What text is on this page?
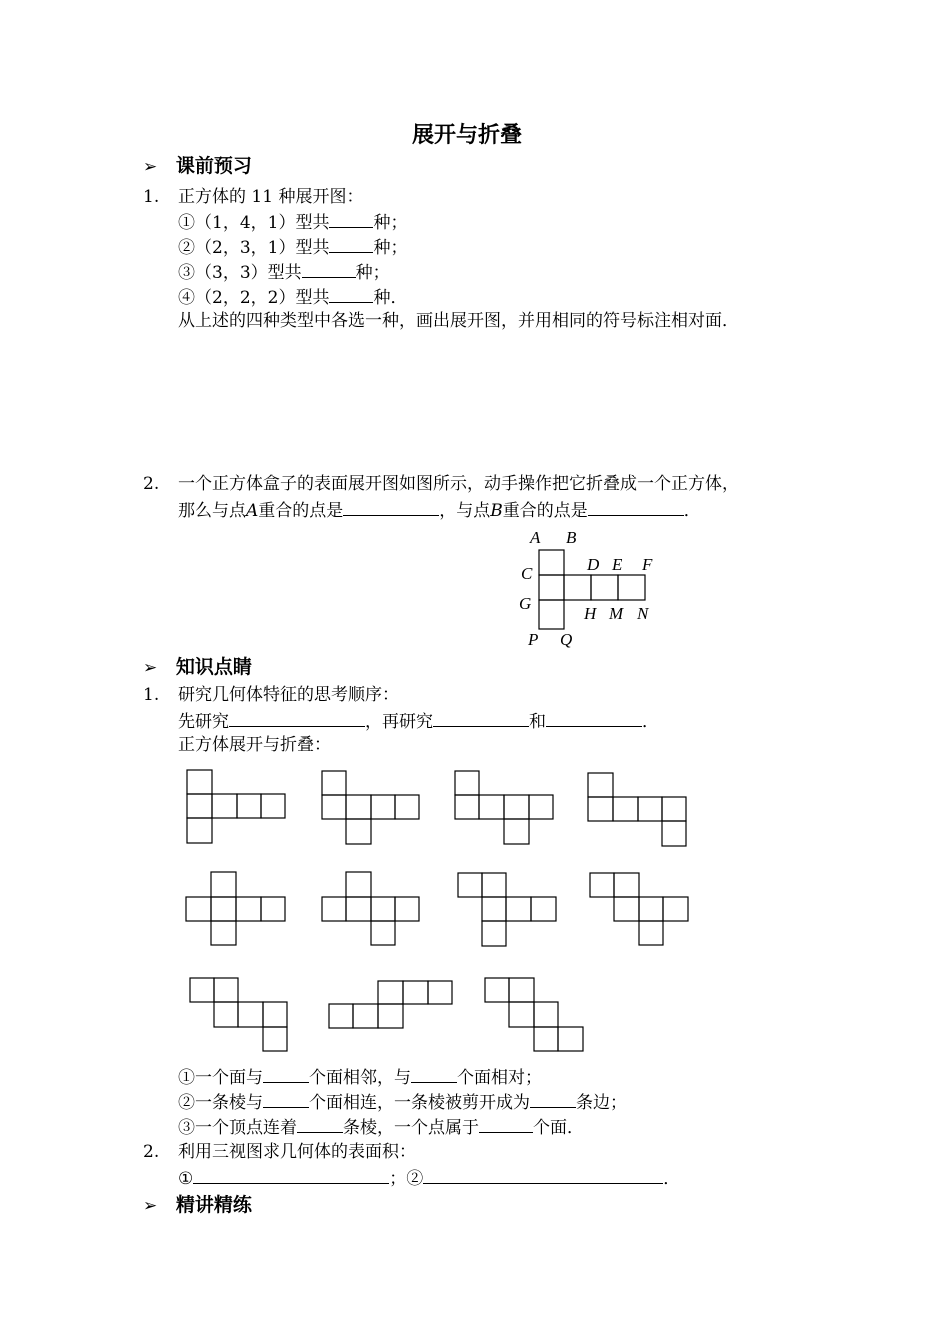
展开与折叠
➢ 课前预习
1. 正方体的 11 种展开图：
①（1，4，1）型共	种；
②（2，3，1）型共	种；
③（3，3）型共	种；
④（2，2，2）型共	种．
从上述的四种类型中各选一种，画出展开图，并用相同的符号标注相对面．
2. 一个正方体盒子的表面展开图如图所示，动手操作把它折叠成一个正方体，
那么与点A重合的点是	，与点B重合的点是	．
A B
C	D E F
G
H M N
P Q
➢ 知识点睛
1. 研究几何体特征的思考顺序：
先研究	，再研究	和	．
正方体展开与折叠：
①一个面与	个面相邻，与	个面相对；
②一条棱与	个面相连，一条棱被剪开成为	条边；
③一个顶点连着	条棱，一个点属于	个面．
2. 利用三视图求几何体的表面积：
①	；②	．
➢ 精讲精练
